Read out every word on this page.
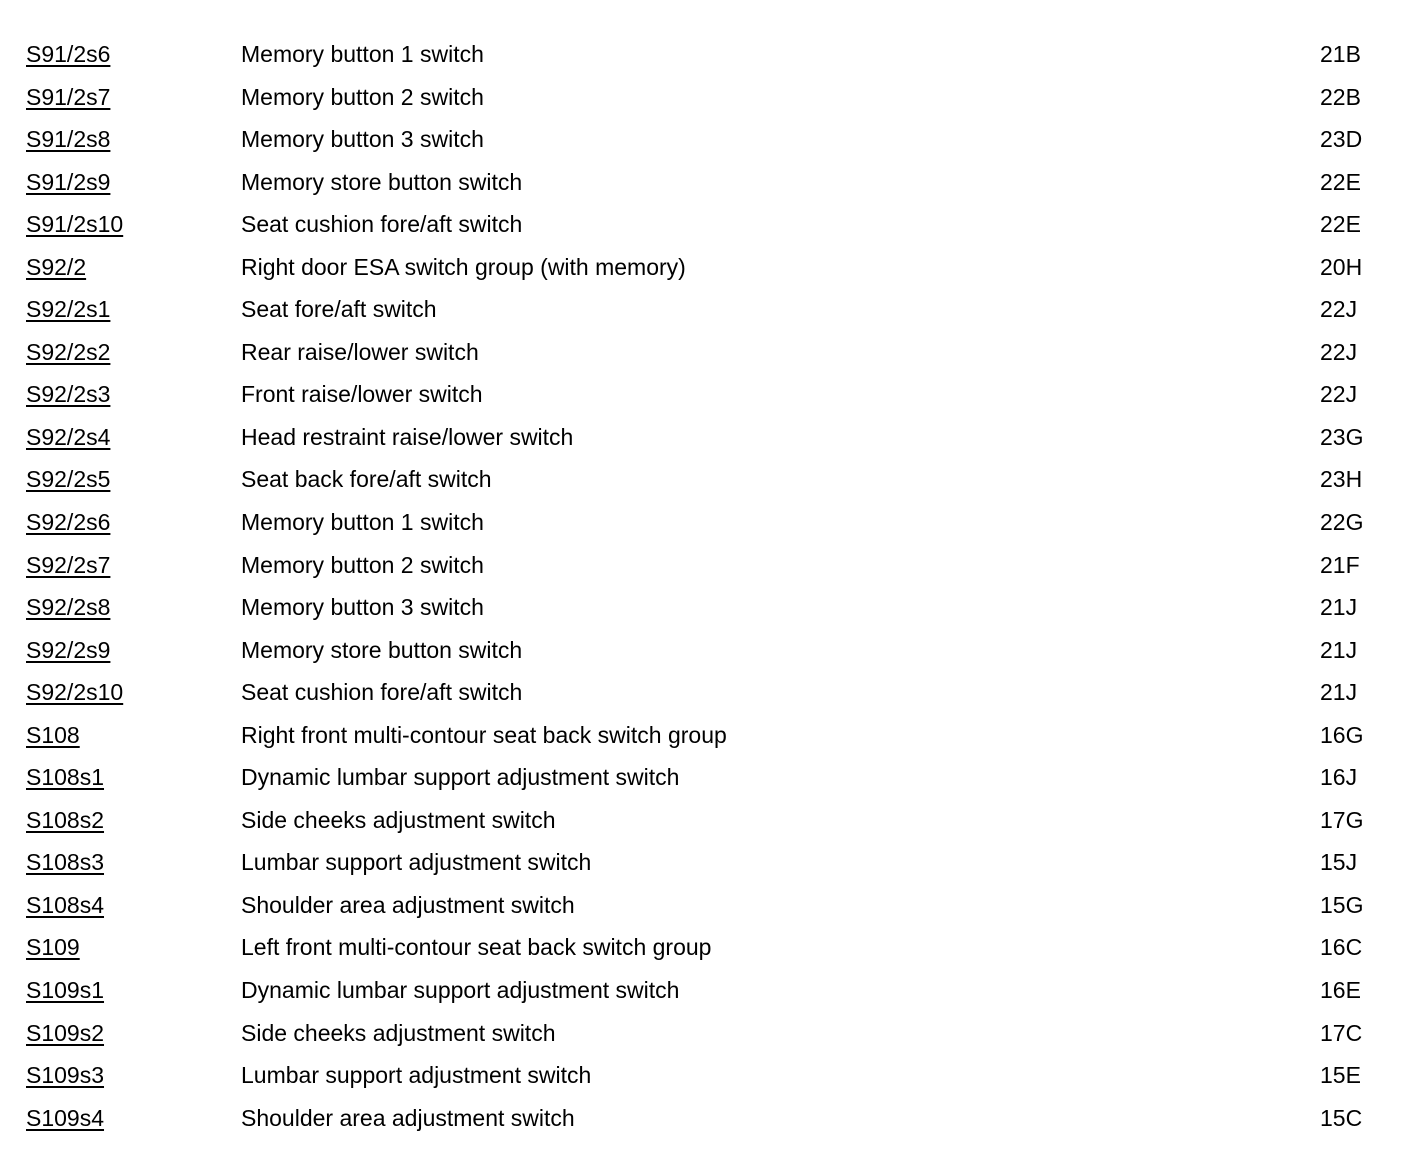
S91/2s6	Memory button 1 switch	21B
S91/2s7	Memory button 2 switch	22B
S91/2s8	Memory button 3 switch	23D
S91/2s9	Memory store button switch	22E
S91/2s10	Seat cushion fore/aft switch	22E
S92/2	Right door ESA switch group (with memory)	20H
S92/2s1	Seat fore/aft switch	22J
S92/2s2	Rear raise/lower switch	22J
S92/2s3	Front raise/lower switch	22J
S92/2s4	Head restraint raise/lower switch	23G
S92/2s5	Seat back fore/aft switch	23H
S92/2s6	Memory button 1 switch	22G
S92/2s7	Memory button 2 switch	21F
S92/2s8	Memory button 3 switch	21J
S92/2s9	Memory store button switch	21J
S92/2s10	Seat cushion fore/aft switch	21J
S108	Right front multi-contour seat back switch group	16G
S108s1	Dynamic lumbar support adjustment switch	16J
S108s2	Side cheeks adjustment switch	17G
S108s3	Lumbar support adjustment switch	15J
S108s4	Shoulder area adjustment switch	15G
S109	Left front multi-contour seat back switch group	16C
S109s1	Dynamic lumbar support adjustment switch	16E
S109s2	Side cheeks adjustment switch	17C
S109s3	Lumbar support adjustment switch	15E
S109s4	Shoulder area adjustment switch	15C
